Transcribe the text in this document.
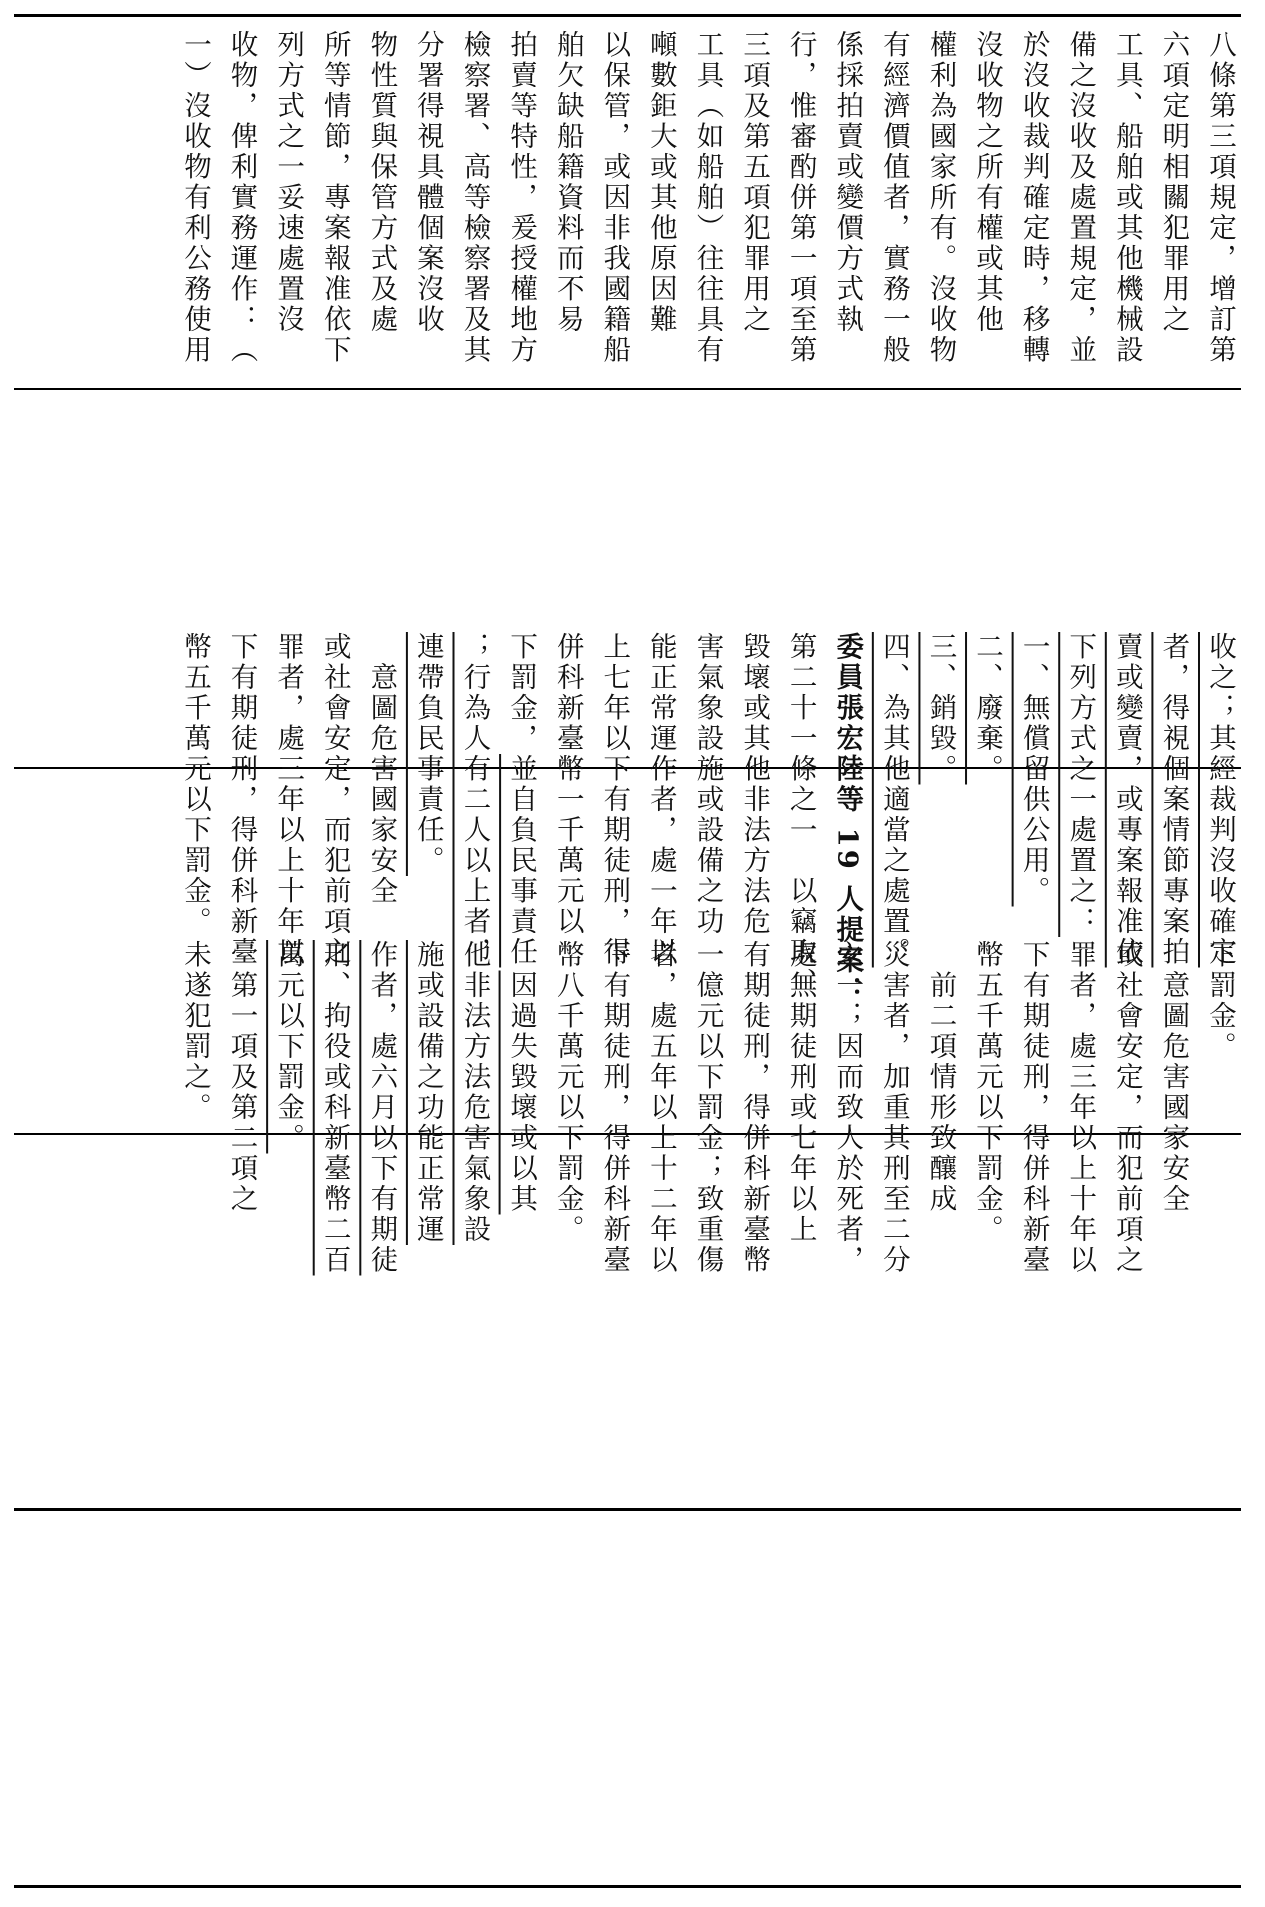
八條第三項規定，增訂第
六項定明相關犯罪用之
工具、船舶或其他機械設
備之沒收及處置規定，並
於沒收裁判確定時，移轉
沒收物之所有權或其他
權利為國家所有。沒收物
有經濟價值者，實務一般
係採拍賣或變價方式執
行，惟審酌併第一項至第
三項及第五項犯罪用之
工具（如船舶）往往具有
噸數鉅大或其他原因難
以保管，或因非我國籍船
舶欠缺船籍資料而不易
拍賣等特性，爰授權地方
檢察署、高等檢察署及其
分署得視具體個案沒收
物性質與保管方式及處
所等情節，專案報准依下
列方式之一妥速處置沒
收物，俾利實務運作：（
一）沒收物有利公務使用
收之；其經裁判沒收確定
者，得視個案情節專案拍
賣或變賣，或專案報准依
下列方式之一處置之：
一、無償留供公用。
二、廢棄。
三、銷毀。
四、為其他適當之處置。
委員張宏陸等 19 人提案：
第二十一條之一　以竊取、
毀壞或其他非法方法危
害氣象設施或設備之功
能正常運作者，處一年以
上七年以下有期徒刑，得
併科新臺幣一千萬元以
下罰金，並自負民事責任
；行為人有二人以上者，
連帶負民事責任。
　意圖危害國家安全
或社會安定，而犯前項之
罪者，處三年以上十年以
下有期徒刑，得併科新臺
幣五千萬元以下罰金。
下罰金。
　意圖危害國家安全
或社會安定，而犯前項之
罪者，處三年以上十年以
下有期徒刑，得併科新臺
幣五千萬元以下罰金。
　前二項情形致釀成
災害者，加重其刑至二分
之一；因而致人於死者，
處無期徒刑或七年以上
有期徒刑，得併科新臺幣
一億元以下罰金；致重傷
者，處五年以上十二年以
下有期徒刑，得併科新臺
幣八千萬元以下罰金。
　因過失毀壞或以其
他非法方法危害氣象設
施或設備之功能正常運
作者，處六月以下有期徒
刑、拘役或科新臺幣二百
萬元以下罰金。
　第一項及第二項之
未遂犯罰之。
